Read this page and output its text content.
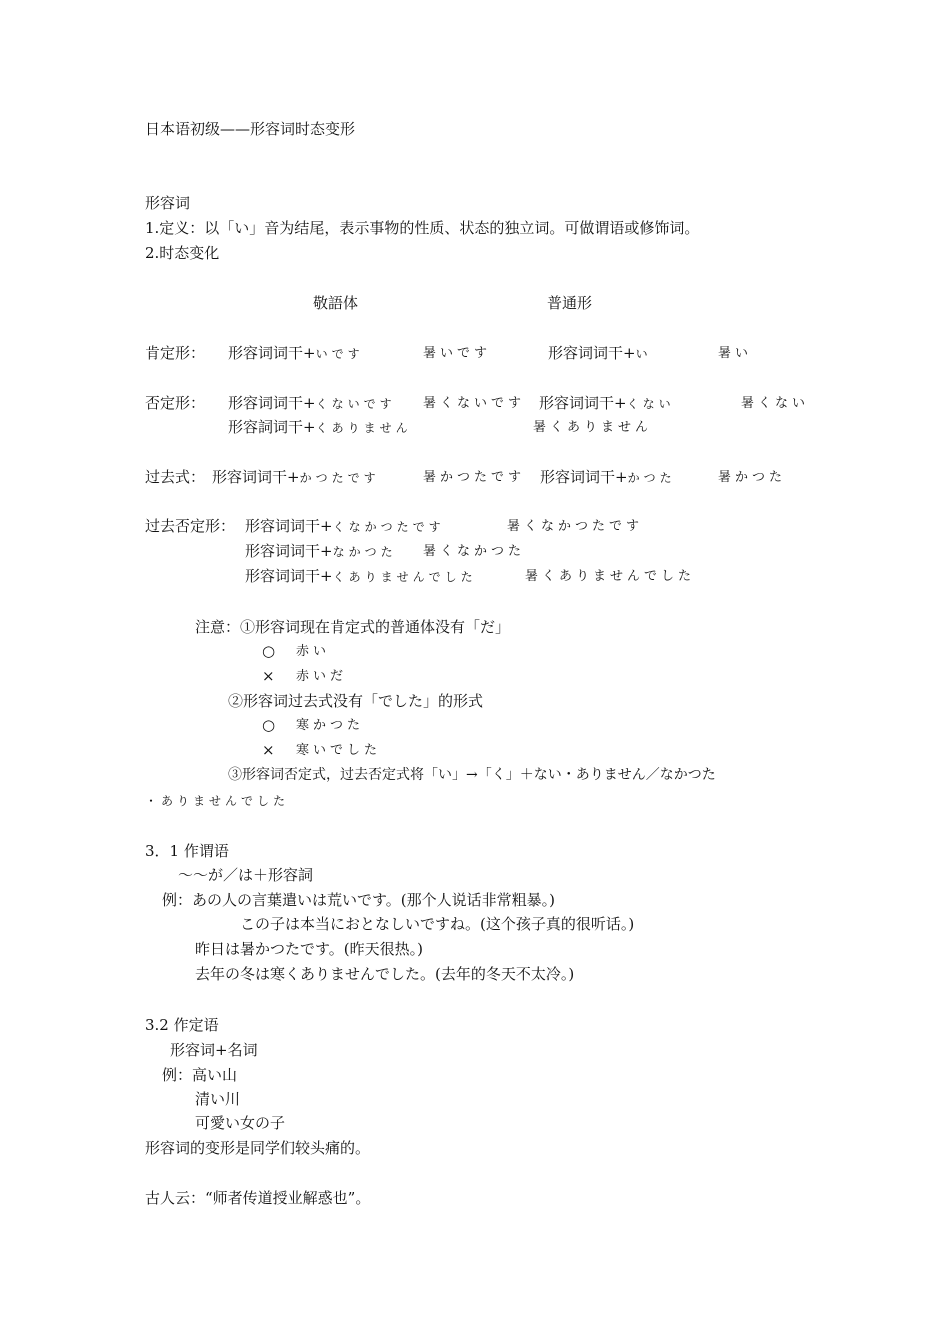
日本语初级——形容词时态变形
形容词
1.定义：以「い」音为结尾，表示事物的性质、状态的独立词。可做谓语或修饰词。
2.时态变化
敬語体	普通形
肯定形： 形容词词干+いです	暑いです	形容词词干+い	暑い
否定形： 形容词词干+くないです 暑くないです 形容词词干+くない	暑くない
形容詞词干+くありません	暑くありません
过去式： 形容词词干+かつたです	暑かつたです 形容词词干+かつた	暑かつた
过去否定形： 形容词词干+くなかつたです	暑くなかつたです
形容词词干+なかつた 暑くなかつた
形容词词干+くありませんでした	暑くありませんでした
注意：①形容词现在肯定式的普通体没有「だ」
○ 赤い
× 赤いだ
②形容词过去式没有「でした」的形式
○ 寒かつた
× 寒いでした
③形容词否定式，过去否定式将「い」→「く」＋ない・ありません／なかつた
・ありませんでした
3．1 作谓语
～～が／は＋形容詞
例：あの人の言葉遣いは荒いです。(那个人说话非常粗暴。)
この子は本当におとなしいですね。(这个孩子真的很听话。)
昨日は暑かつたです。(昨天很热。)
去年の冬は寒くありませんでした。(去年的冬天不太冷。)
3.2 作定语
形容词+名词
例：高い山
清い川
可愛い女の子
形容词的变形是同学们较头痛的。
古人云：“师者传道授业解惑也”。
